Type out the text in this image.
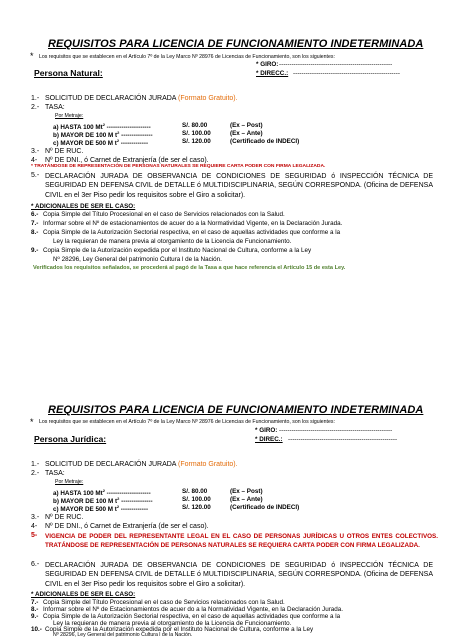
REQUISITOS PARA LICENCIA DE FUNCIONAMIENTO INDETERMINADA
* Los requisitos que se establecen en el Artículo 7º de la Ley Marco Nº 28976 de Licencias de Funcionamiento, son los siguientes:
* GIRO: ------------------------------------------------------
Persona Natural:	* DIRECC.: ---------------------------------------------------
1.- SOLICITUD DE DECLARACIÓN JURADA (Formato Gratuito).
2.- TASA:
Por Metraje:
a) HASTA 100 Mt$^2$ ---------------------	S/. 80.00	(Ex – Post)
b) MAYOR DE 100 M $t^2$ ---------------	S/. 100.00	(Ex – Ante)
c) MAYOR DE 500 M $t^2$ -------------	S/. 120.00	(Certificado de INDECI)
3.- Nº DE RUC.
4- Nº DE DNI., ó Carnet de Extranjería (de ser el caso).
* TRATÁNDOSE DE REPRESENTACIÓN DE PERSONAS NATURALES SE REQUIERE CARTA PODER CON FIRMA LEGALIZADA.
5.- DECLARACIÓN JURADA DE OBSERVANCIA DE CONDICIONES DE SEGURIDAD ó INSPECCIÓN TÉCNICA DE SEGURIDAD EN DEFENSA CIVIL de DETALLE ó MULTIDISCIPLINARIA, SEGÚN CORRESPONDA. (Oficina de DEFENSA CIVIL en el 3er Piso pedir los requisitos sobre el Giro a solicitar).
* ADICIONALES DE SER EL CASO:
6.- Copia Simple del Título Procesional en el caso de Servicios relacionados con la Salud.
7.- Informar sobre el Nº de estacionamientos de acuer do a la Normatividad Vigente, en la Declaración Jurada.
8.- Copia Simple de la Autorización Sectorial respectiva, en el caso de aquellas actividades que conforme a la
Ley la requieran de manera previa al otorgamiento de la Licencia de Funcionamiento.
9.- Copia Simple de la Autorización expedida por el Instituto Nacional de Cultura, conforme a la Ley
Nº 28296, Ley General del patrimonio Cultura l de la Nación.
Verificados los requisitos señalados, se procederá al pagó de la Tasa a que hace referencia el Artículo 15 de esta Ley.
REQUISITOS PARA LICENCIA DE FUNCIONAMIENTO INDETERMINADA
* Los requisitos que se establecen en el Artículo 7º de la Ley Marco Nº 28976 de Licencias de Funcionamiento, son los siguientes:
* GIRO: ------------------------------------------------------
Persona Jurídica:	* DIREC.: ----------------------------------------------------
1.- SOLICITUD DE DECLARACIÓN JURADA (Formato Gratuito).
2.- TASA:
Por Metraje:
a) HASTA 100 Mt$^2$ ---------------------	S/. 80.00	(Ex – Post)
b) MAYOR DE 100 M $t^2$ ---------------	S/. 100.00	(Ex – Ante)
c) MAYOR DE 500 M $t^2$ -------------	S/. 120.00	(Certificado de INDECI)
3.- Nº DE RUC.
4- Nº DE DNI., ó Carnet de Extranjería (de ser el caso).
5- VIGENCIA DE PODER DEL REPRESENTANTE LEGAL EN EL CASO DE PERSONAS JURÍDICAS U OTROS ENTES COLECTIVOS. TRATÁNDOSE DE REPRESENTACIÓN DE PERSONAS NATURALES SE REQUIERA CARTA PODER CON FIRMA LEGALIZADA.
6.- DECLARACIÓN JURADA DE OBSERVANCIA DE CONDICIONES DE SEGURIDAD ó INSPECCIÓN TÉCNICA DE SEGURIDAD EN DEFENSA CIVIL de DETALLE ó MULTIDISCIPLINARIA, SEGÚN CORRESPONDA. (Oficina de DEFENSA CIVIL en el 3er Piso pedir los requisitos sobre el Giro a solicitar).
* ADICIONALES DE SER EL CASO:
7.- Copia Simple del Título Procesional en el caso de Servicios relacionados con la Salud.
8.- Informar sobre el Nº de Estacionamientos de acuer do a la Normatividad Vigente, en la Declaración Jurada.
9.- Copia Simple de la Autorización Sectorial respectiva, en el caso de aquellas actividades que conforme a la
Ley la requieran de manera previa al otorgamiento de la Licencia de Funcionamiento.
10.- Copia Simple de la Autorización expedida por el Instituto Nacional de Cultura, conforme a la Ley
Nº 28296, Ley General del patrimonio Cultura l de la Nación.
